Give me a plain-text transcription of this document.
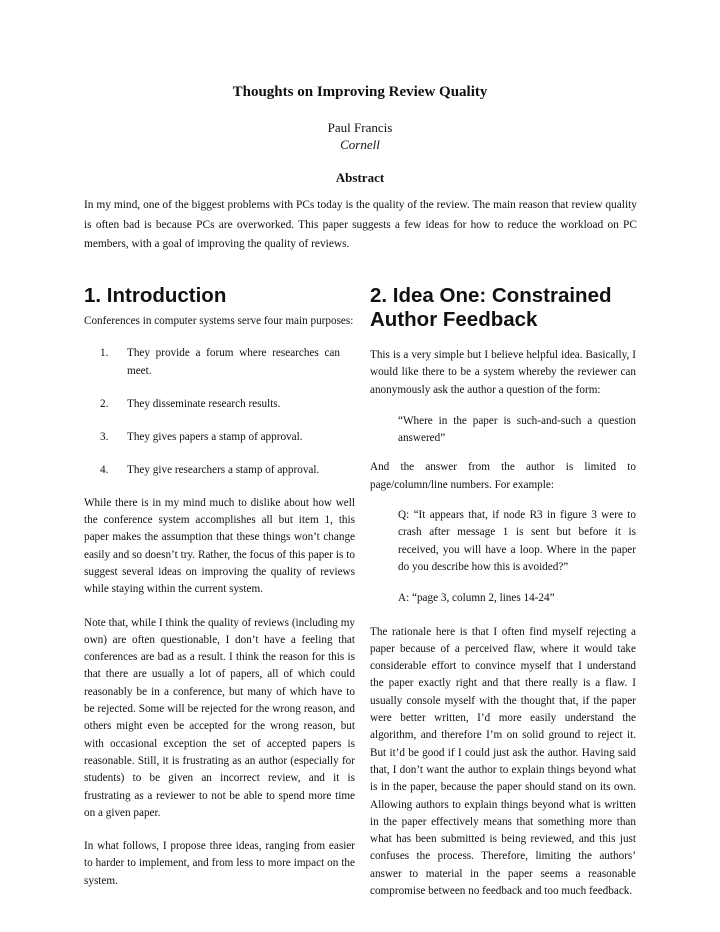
Thoughts on Improving Review Quality
Paul Francis
Cornell
Abstract

In my mind, one of the biggest problems with PCs today is the quality of the review. The main reason that review quality is often bad is because PCs are overworked. This paper suggests a few ideas for how to reduce the workload on PC members, with a goal of improving the quality of reviews.

1. Introduction

Conferences in computer systems serve four main purposes:

1.	They provide a forum where researches can meet.
2.	They disseminate research results.
3.	They gives papers a stamp of approval.
4.	They give researchers a stamp of approval.

While there is in my mind much to dislike about how well the conference system accomplishes all but item 1, this paper makes the assumption that these things won’t change easily and so doesn’t try. Rather, the focus of this paper is to suggest several ideas on improving the quality of reviews while staying within the current system.

Note that, while I think the quality of reviews (including my own) are often questionable, I don’t have a feeling that conferences are bad as a result. I think the reason for this is that there are usually a lot of papers, all of which could reasonably be in a conference, but many of which have to be rejected. Some will be rejected for the wrong reason, and others might even be accepted for the wrong reason, but with occasional exception the set of accepted papers is reasonable. Still, it is frustrating as an author (especially for students) to be given an incorrect review, and it is frustrating as a reviewer to not be able to spend more time on a given paper.

In what follows, I propose three ideas, ranging from easier to harder to implement, and from less to more impact on the system.

2. Idea One: Constrained Author Feedback

This is a very simple but I believe helpful idea. Basically, I would like there to be a system whereby the reviewer can anonymously ask the author a question of the form:

“Where in the paper is such-and-such a question answered”

And the answer from the author is limited to page/column/line numbers. For example:

Q: “It appears that, if node R3 in figure 3 were to crash after message 1 is sent but before it is received, you will have a loop. Where in the paper do you describe how this is avoided?”

A: “page 3, column 2, lines 14-24”

The rationale here is that I often find myself rejecting a paper because of a perceived flaw, where it would take considerable effort to convince myself that I understand the paper exactly right and that there really is a flaw. I usually console myself with the thought that, if the paper were better written, I’d more easily understand the algorithm, and therefore I’m on solid ground to reject it. But it’d be good if I could just ask the author. Having said that, I don’t want the author to explain things beyond what is in the paper, because the paper should stand on its own. Allowing authors to explain things beyond what is written in the paper effectively means that something more than what has been submitted is being reviewed, and this just confuses the process. Therefore, limiting the authors’ answer to material in the paper seems a reasonable compromise between no feedback and too much feedback.
